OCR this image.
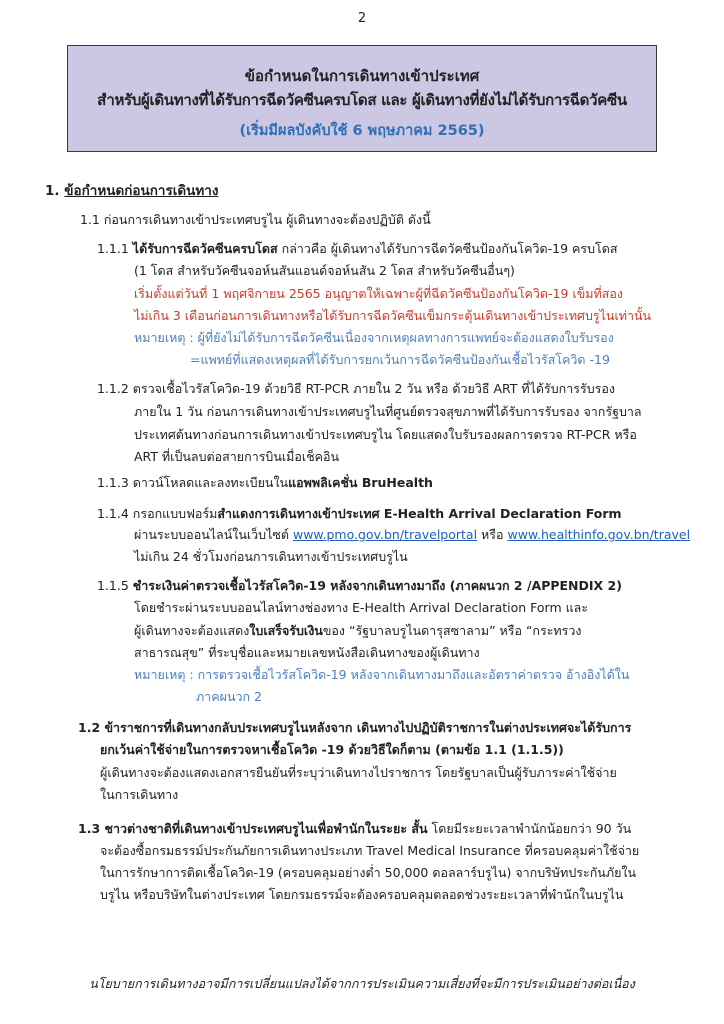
2
ข้อกำหนดในการเดินทางเข้าประเทศ
สำหรับผู้เดินทางที่ได้รับการฉีดวัคซีนครบโดส และ ผู้เดินทางที่ยังไม่ได้รับการฉีดวัคซีน
(เริ่มมีผลบังคับใช้ 6 พฤษภาคม 2565)
1. ข้อกำหนดก่อนการเดินทาง
1.1 ก่อนการเดินทางเข้าประเทศบรูไน ผู้เดินทางจะต้องปฏิบัติ ดังนี้
1.1.1 ได้รับการฉีดวัคซีนครบโดส กล่าวคือ ผู้เดินทางได้รับการฉีดวัคซีนป้องกันโควิด-19 ครบโดส
(1 โดส สำหรับวัคซีนจอห์นสันแอนด์จอห์นสัน 2 โดส สำหรับวัคซีนอื่นๆ)
เริ่มตั้งแต่วันที่ 1 พฤศจิกายน 2565 อนุญาตให้เฉพาะผู้ที่ฉีดวัคซีนป้องกันโควิด-19 เข็มที่สอง
ไม่เกิน 3 เดือนก่อนการเดินทางหรือได้รับการฉีดวัคซีนเข็มกระตุ้นเดินทางเข้าประเทศบรูไนเท่านั้น
หมายเหตุ : ผู้ที่ยังไม่ได้รับการฉีดวัคซีนเนื่องจากเหตุผลทางการแพทย์จะต้องแสดงใบรับรอง
=แพทย์ที่แสดงเหตุผลที่ได้รับการยกเว้นการฉีดวัคซีนป้องกันเชื้อไวรัสโควิด -19
1.1.2 ตรวจเชื้อไวรัสโควิด-19 ด้วยวิธี RT-PCR ภายใน 2 วัน หรือ ด้วยวิธี ART ที่ได้รับการรับรอง
ภายใน 1 วัน ก่อนการเดินทางเข้าประเทศบรูไนที่ศูนย์ตรวจสุขภาพที่ได้รับการรับรอง จากรัฐบาล
ประเทศต้นทางก่อนการเดินทางเข้าประเทศบรูไน โดยแสดงใบรับรองผลการตรวจ RT-PCR หรือ
ART ที่เป็นลบต่อสายการบินเมื่อเช็คอิน
1.1.3 ดาวน์โหลดและลงทะเบียนในแอพพลิเคชั่น BruHealth
1.1.4 กรอกแบบฟอร์มสำแดงการเดินทางเข้าประเทศ E-Health Arrival Declaration Form
ผ่านระบบออนไลน์ในเว็บไซต์ www.pmo.gov.bn/travelportal หรือ www.healthinfo.gov.bn/travel
ไม่เกิน 24 ชั่วโมงก่อนการเดินทางเข้าประเทศบรูไน
1.1.5 ชำระเงินค่าตรวจเชื้อไวรัสโควิด-19 หลังจากเดินทางมาถึง (ภาคผนวก 2 /APPENDIX 2)
โดยชำระผ่านระบบออนไลน์ทางช่องทาง E-Health Arrival Declaration Form และ
ผู้เดินทางจะต้องแสดงใบเสร็จรับเงินของ “รัฐบาลบรูไนดารุสซาลาม” หรือ “กระทรวง
สาธารณสุข” ที่ระบุชื่อและหมายเลขหนังสือเดินทางของผู้เดินทาง
หมายเหตุ : การตรวจเชื้อไวรัสโควิด-19 หลังจากเดินทางมาถึงและอัตราค่าตรวจ อ้างอิงได้ใน
ภาคผนวก 2
1.2 ข้าราชการที่เดินทางกลับประเทศบรูไนหลังจาก เดินทางไปปฏิบัติราชการในต่างประเทศจะได้รับการ
ยกเว้นค่าใช้จ่ายในการตรวจหาเชื้อโควิด -19 ด้วยวิธีใดก็ตาม (ตามข้อ 1.1 (1.1.5))
ผู้เดินทางจะต้องแสดงเอกสารยืนยันที่ระบุว่าเดินทางไปราชการ โดยรัฐบาลเป็นผู้รับภาระค่าใช้จ่าย
ในการเดินทาง
1.3 ชาวต่างชาติที่เดินทางเข้าประเทศบรูไนเพื่อพำนักในระยะ สั้น โดยมีระยะเวลาพำนักน้อยกว่า 90 วัน
จะต้องซื้อกรมธรรม์ประกันภัยการเดินทางประเภท Travel Medical Insurance ที่ครอบคลุมค่าใช้จ่าย
ในการรักษาการติดเชื้อโควิด-19 (ครอบคลุมอย่างต่ำ 50,000 ดอลลาร์บรูไน) จากบริษัทประกันภัยใน
บรูไน หรือบริษัทในต่างประเทศ โดยกรมธรรม์จะต้องครอบคลุมตลอดช่วงระยะเวลาที่พำนักในบรูไน
นโยบายการเดินทางอาจมีการเปลี่ยนแปลงได้จากการประเมินความเสี่ยงที่จะมีการประเมินอย่างต่อเนื่อง
